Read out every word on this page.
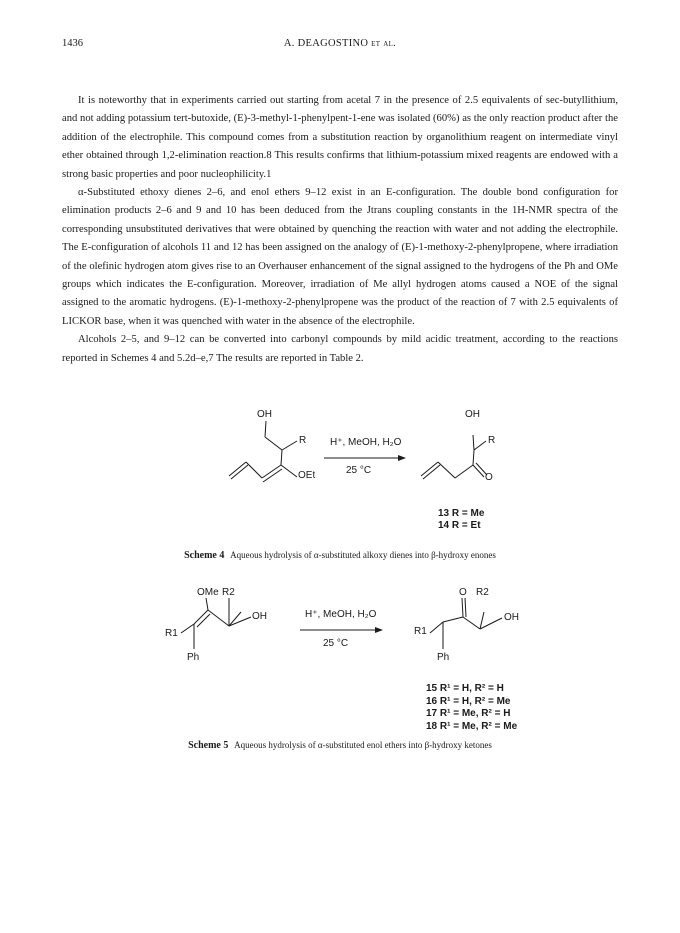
1436	A. DEAGOSTINO et al.

It is noteworthy that in experiments carried out starting from acetal 7 in the presence of 2.5 equivalents of sec-butyllithium, and not adding potassium tert-butoxide, (E)-3-methyl-1-phenylpent-1-ene was isolated (60%) as the only reaction product after the addition of the electrophile. This compound comes from a substitution reaction by organolithium reagent on intermediate vinyl ether obtained through 1,2-elimination reaction.8 This results confirms that lithium-potassium mixed reagents are endowed with a strong basic properties and poor nucleophilicity.1

α-Substituted ethoxy dienes 2–6, and enol ethers 9–12 exist in an E-configuration. The double bond configuration for elimination products 2–6 and 9 and 10 has been deduced from the Jtrans coupling constants in the 1H-NMR spectra of the corresponding unsubstituted derivatives that were obtained by quenching the reaction with water and not adding the electrophile. The E-configuration of alcohols 11 and 12 has been assigned on the analogy of (E)-1-methoxy-2-phenylpropene, where irradiation of the olefinic hydrogen atom gives rise to an Overhauser enhancement of the signal assigned to the hydrogens of the Ph and OMe groups which indicates the E-configuration. Moreover, irradiation of Me allyl hydrogen atoms caused a NOE of the signal assigned to the aromatic hydrogens. (E)-1-methoxy-2-phenylpropene was the product of the reaction of 7 with 2.5 equivalents of LICKOR base, when it was quenched with water in the absence of the electrophile.

Alcohols 2–5, and 9–12 can be converted into carbonyl compounds by mild acidic treatment, according to the reactions reported in Schemes 4 and 5.2d–e,7 The results are reported in Table 2.

OH
R
OEt
H⁺, MeOH, H₂O
25 °C
OH
R
O
13 R = Me
14 R = Et
Scheme 4 Aqueous hydrolysis of α-substituted alkoxy dienes into β-hydroxy enones
OMe R2
R1
OH
Ph
H⁺, MeOH, H₂O
25 °C
O R2
R1
OH
Ph
15 R¹ = H, R² = H
16 R¹ = H, R² = Me
17 R¹ = Me, R² = H
18 R¹ = Me, R² = Me
Scheme 5 Aqueous hydrolysis of α-substituted enol ethers into β-hydroxy ketones
